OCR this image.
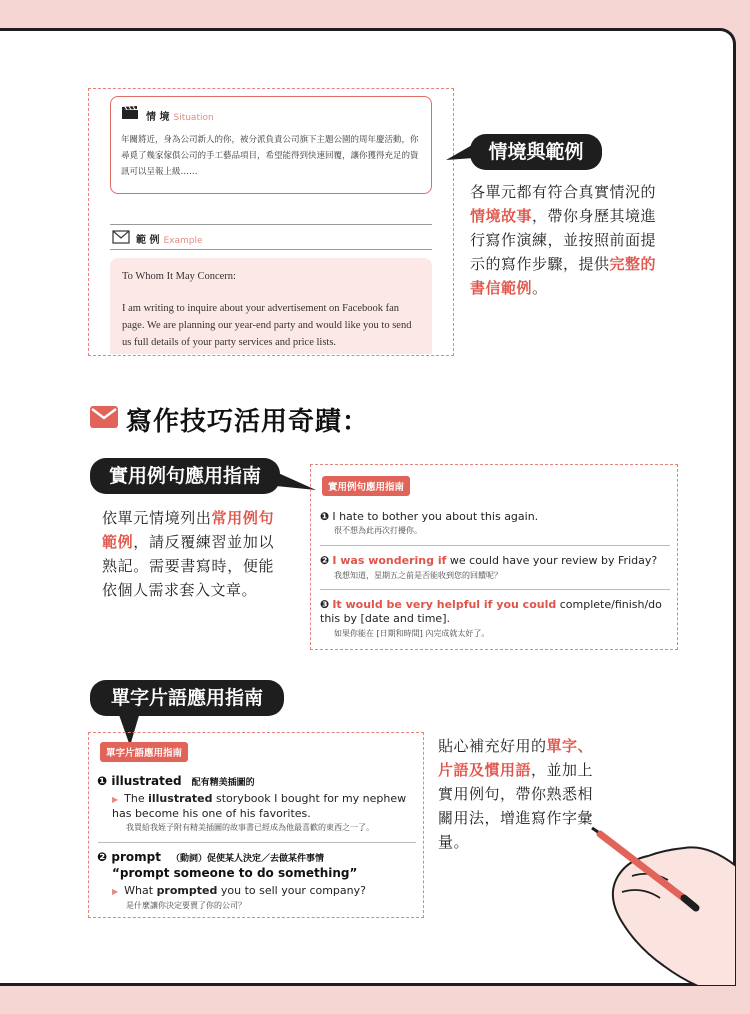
情 境 Situation
年關將近，身為公司新人的你，被分派負責公司旗下主題公園的周年慶活動，你尋覓了幾家傢俱公司的手工藝品項目，希望能得到快速回覆，讓你獲得充足的資訊可以呈報上級……
範 例 Example
To Whom It May Concern:
I am writing to inquire about your advertisement on Facebook fan page. We are planning our year-end party and would like you to send us full details of your party services and price lists.
情境與範例
各單元都有符合真實情況的情境故事，帶你身歷其境進行寫作演練，並按照前面提示的寫作步驟，提供完整的書信範例。
寫作技巧活用奇蹟：
實用例句應用指南
依單元情境列出常用例句範例，請反覆練習並加以熟記。需要書寫時，便能依個人需求套入文章。
實用例句應用指南
❶ I hate to bother you about this again.
很不想為此再次打擾你。
❷ I was wondering if we could have your review by Friday?
我想知道，星期五之前是否能收到您的回饋呢？
❸ It would be very helpful if you could complete/finish/do this by [date and time].
如果你能在 [日期和時間] 內完成就太好了。
單字片語應用指南
單字片語應用指南
❶ illustrated 配有精美插圖的
▶ The illustrated storybook I bought for my nephew has become his one of his favorites.
我買給我姪子附有精美插圖的故事書已經成為他最喜歡的東西之一了。
❷ prompt （動詞）促使某人決定／去做某件事情
“prompt someone to do something”
▶ What prompted you to sell your company?
是什麼讓你決定要賣了你的公司？
貼心補充好用的單字、片語及慣用語，並加上實用例句，帶你熟悉相關用法，增進寫作字彙量。
